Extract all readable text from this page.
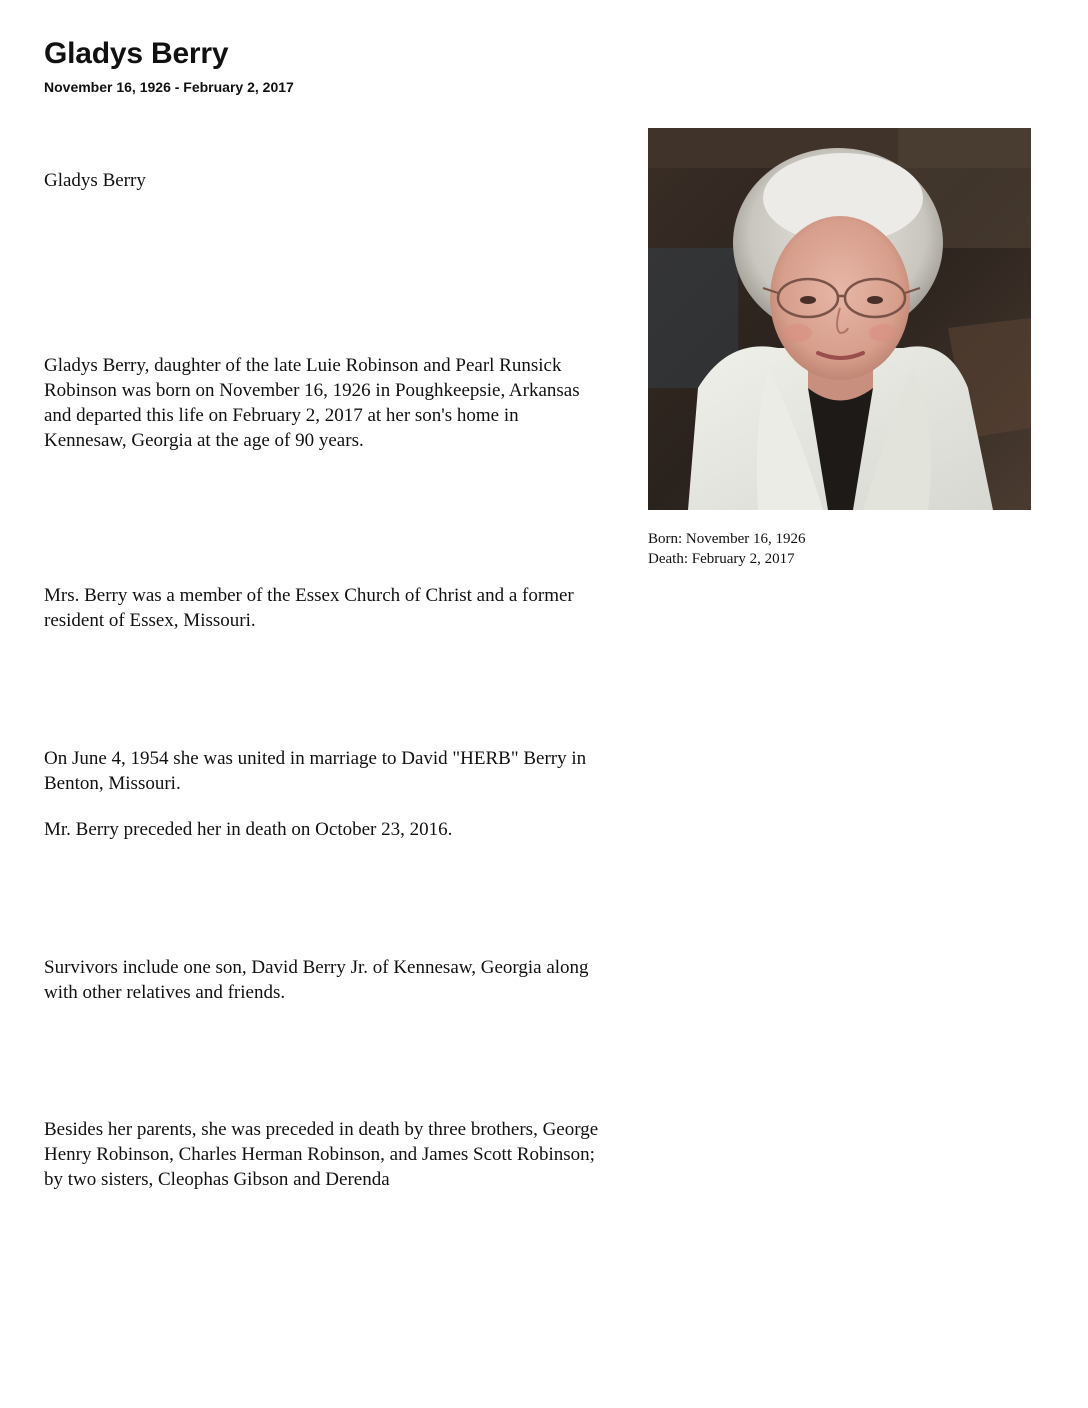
Gladys Berry
November 16, 1926 - February 2, 2017

Gladys Berry

Gladys Berry, daughter of the late Luie Robinson and Pearl Runsick Robinson was born on November 16, 1926 in Poughkeepsie, Arkansas and departed this life on February 2, 2017 at her son's home in Kennesaw, Georgia at the age of 90 years.

Mrs. Berry was a member of the Essex Church of Christ and a former resident of Essex, Missouri.

On June 4, 1954 she was united in marriage to David "HERB" Berry in Benton, Missouri.

Mr. Berry preceded her in death on October 23, 2016.

Survivors include one son, David Berry Jr. of Kennesaw, Georgia along with other relatives and friends.

Besides her parents, she was preceded in death by three brothers, George Henry Robinson, Charles Herman Robinson, and James Scott Robinson; by two sisters, Cleophas Gibson and Derenda

Born: November 16, 1926
Death: February 2, 2017
